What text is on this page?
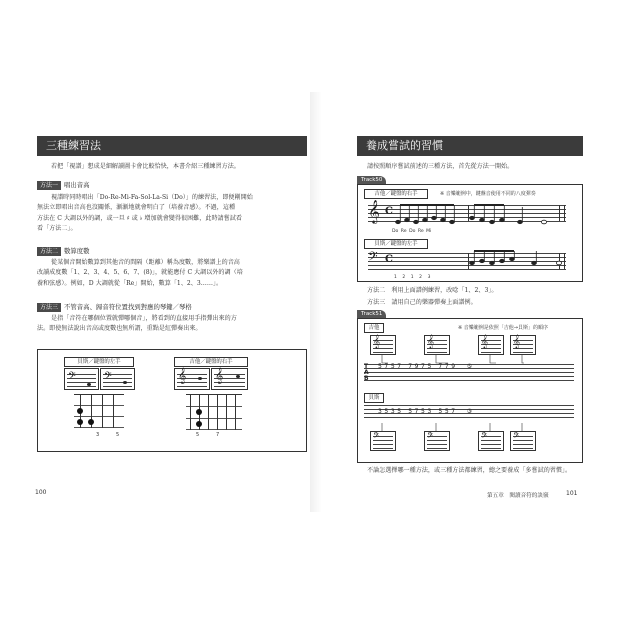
三種練習法
若把「視譜」想成是細解讀圖卡會比較恰快，本書介紹三種練習方法。
方法一 唱出音高
視譜時同時唱出「Do-Re-Mi-Fa-Sol-La-Si（Do）」的練習法，即便剛開始
無法立即唱出音高也沒關係，漸漸地就會明白了（培養音感）。不過，這種
方法在 C 大調以外的調，或一旦 ♯ 或 ♭ 增加就會變得很困難，此時請嘗試看
看「方法二」。
方法二 數算度數
從某個音開始數算到其他音的間隔（距離）稱為度數，將樂譜上的音高
改讀成度數「1、2、3、4、5、6、7、(8)」，就能應付 C 大調以外的調（培
養和弦感）。例如，D 大調就從「Re」開始，數算「1、2、3……」。
方法三 不管音高、歸音符位置找到對應的琴鍵／琴格
是指「音符在哪個位置就彈哪個音」，將看到的直接用手指彈出來的方
法。即使無法說出音高或度數也無所謂，重點是紅彈奏出來。
貝斯／鍵盤的左手
𝄢 𝄢
3	5
吉他／鍵盤的右手
𝄞 𝄞
5	7
100
養成嘗試的習慣
請按照順序嘗試前述的三種方法，首先從方法一開始。
Track50
吉他／鍵盤的右手	※ 音樂範例中，鍵盤音使用不同的八度彈奏
𝄞 C
Do Re Do Re Mi
貝斯／鍵盤的左手
𝄢 C
1 2 1 2 3
方法二　利用上面譜例練習，改唸「1、2、3」。
方法三　請用自己的樂器彈奏上面譜例。
Track51
吉他	※ 音樂範例是依照「吉他→貝斯」的順序
𝄞	𝄞	𝄞 𝄞
T A B
5757 7975 779 ⑤
貝斯
3535 5753 557 ③
𝄢	𝄢	𝄢	𝄢
不論怎選擇哪一種方法，或三種方法都練習，總之要養成「多嘗試的習慣」。
第五章　閱讀音符的訣竅	101
